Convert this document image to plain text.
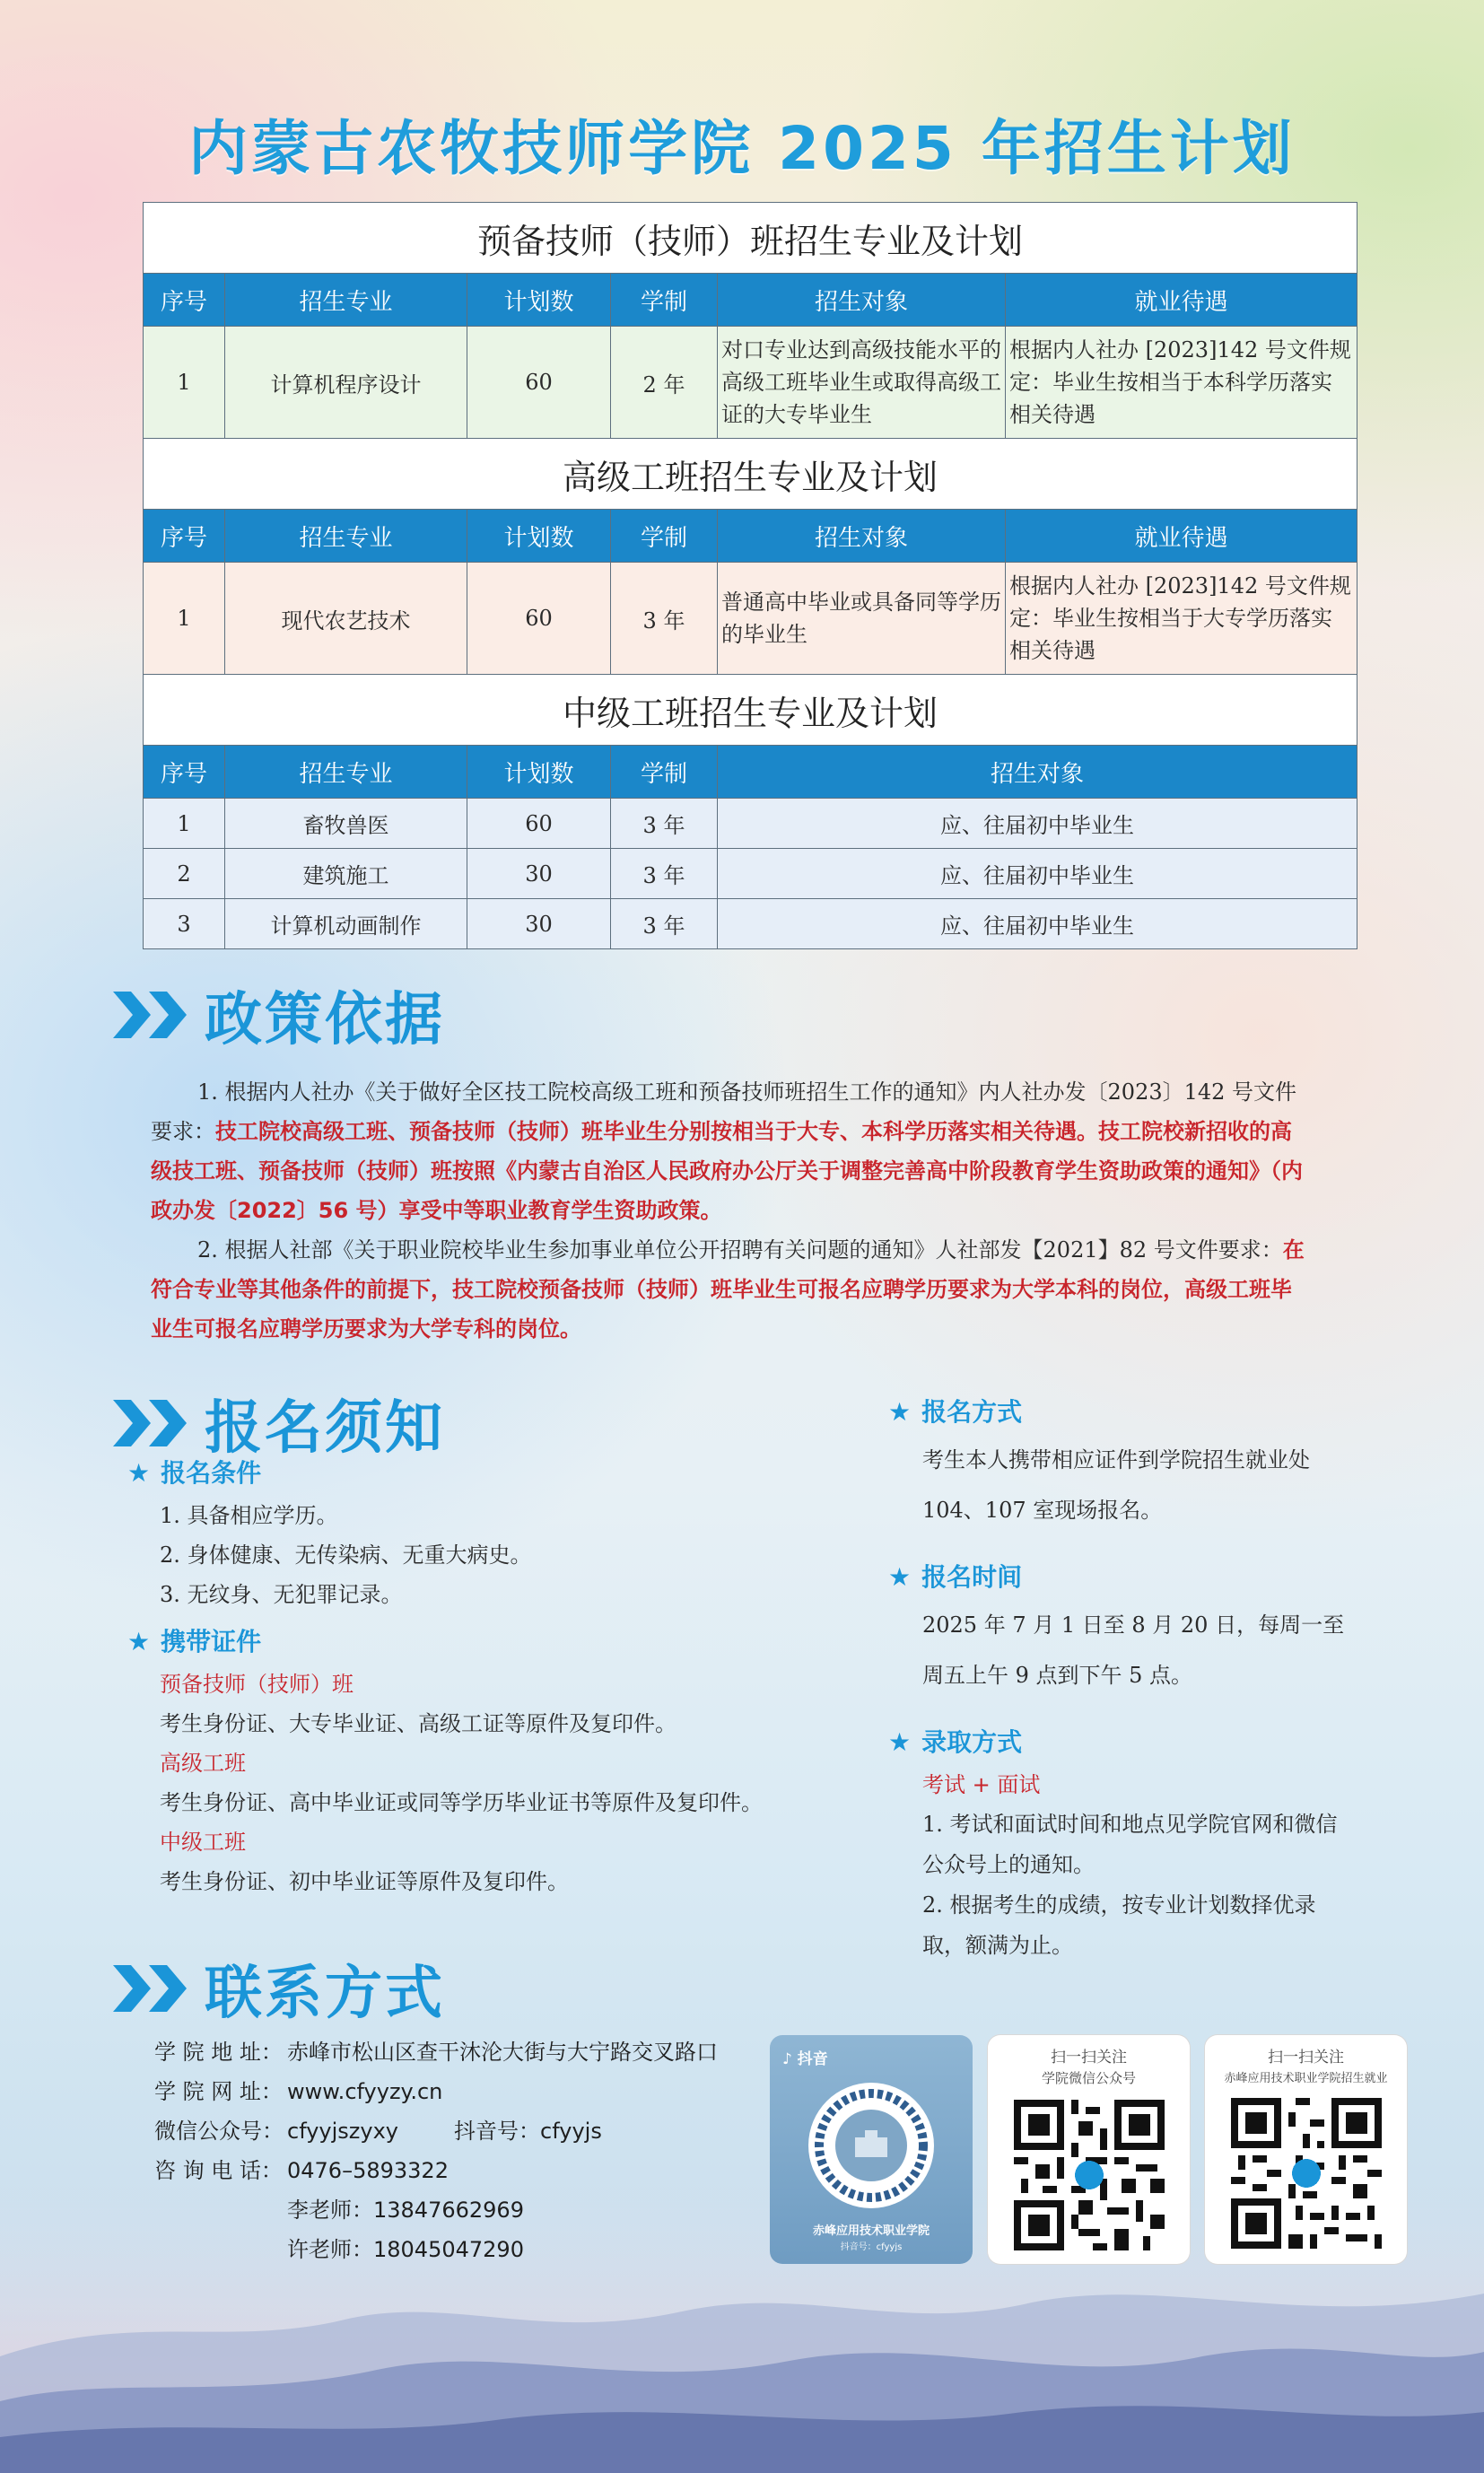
内蒙古农牧技师学院 2025 年招生计划
预备技师（技师）班招生专业及计划					
序号	招生专业	计划数	学制	招生对象	就业待遇
1	计算机程序设计	60	2 年	对口专业达到高级技能水平的高级工班毕业生或取得高级工证的大专毕业生	根据内人社办 [2023]142 号文件规定：毕业生按相当于本科学历落实相关待遇
高级工班招生专业及计划					
序号	招生专业	计划数	学制	招生对象	就业待遇
1	现代农艺技术	60	3 年	普通高中毕业或具备同等学历的毕业生	根据内人社办 [2023]142 号文件规定：毕业生按相当于大专学历落实相关待遇
中级工班招生专业及计划					
序号	招生专业	计划数	学制	招生对象	
1	畜牧兽医	60	3 年	应、往届初中毕业生	
2	建筑施工	30	3 年	应、往届初中毕业生	
3	计算机动画制作	30	3 年	应、往届初中毕业生	
政策依据

1. 根据内人社办《关于做好全区技工院校高级工班和预备技师班招生工作的通知》内人社办发〔2023〕142 号文件要求：技工院校高级工班、预备技师（技师）班毕业生分别按相当于大专、本科学历落实相关待遇。技工院校新招收的高级技工班、预备技师（技师）班按照《内蒙古自治区人民政府办公厅关于调整完善高中阶段教育学生资助政策的通知》（内政办发〔2022〕56 号）享受中等职业教育学生资助政策。

2. 根据人社部《关于职业院校毕业生参加事业单位公开招聘有关问题的通知》人社部发【2021】82 号文件要求：在符合专业等其他条件的前提下，技工院校预备技师（技师）班毕业生可报名应聘学历要求为大学本科的岗位，高级工班毕业生可报名应聘学历要求为大学专科的岗位。

报名须知
★ 报名条件
1. 具备相应学历。
2. 身体健康、无传染病、无重大病史。
3. 无纹身、无犯罪记录。
★ 携带证件
预备技师（技师）班
考生身份证、大专毕业证、高级工证等原件及复印件。
高级工班
考生身份证、高中毕业证或同等学历毕业证书等原件及复印件。
中级工班
考生身份证、初中毕业证等原件及复印件。
★ 报名方式
考生本人携带相应证件到学院招生就业处 104、107 室现场报名。
★ 报名时间
2025 年 7 月 1 日至 8 月 20 日，每周一至周五上午 9 点到下午 5 点。
★ 录取方式
考试 + 面试
1. 考试和面试时间和地点见学院官网和微信公众号上的通知。
2. 根据考生的成绩，按专业计划数择优录取，额满为止。
联系方式
学 院 地 址： 赤峰市松山区查干沐沦大街与大宁路交叉路口
学 院 网 址： www.cfyyzy.cn
微信公众号： cfyyjszyxy	抖音号：cfyyjs
咨 询 电 话： 0476–5893322
李老师：13847662969
许老师：18045047290
♪ 抖音
赤峰应用技术职业学院
抖音号：cfyyjs
扫一扫关注
学院微信公众号
扫一扫关注
赤峰应用技术职业学院招生就业
